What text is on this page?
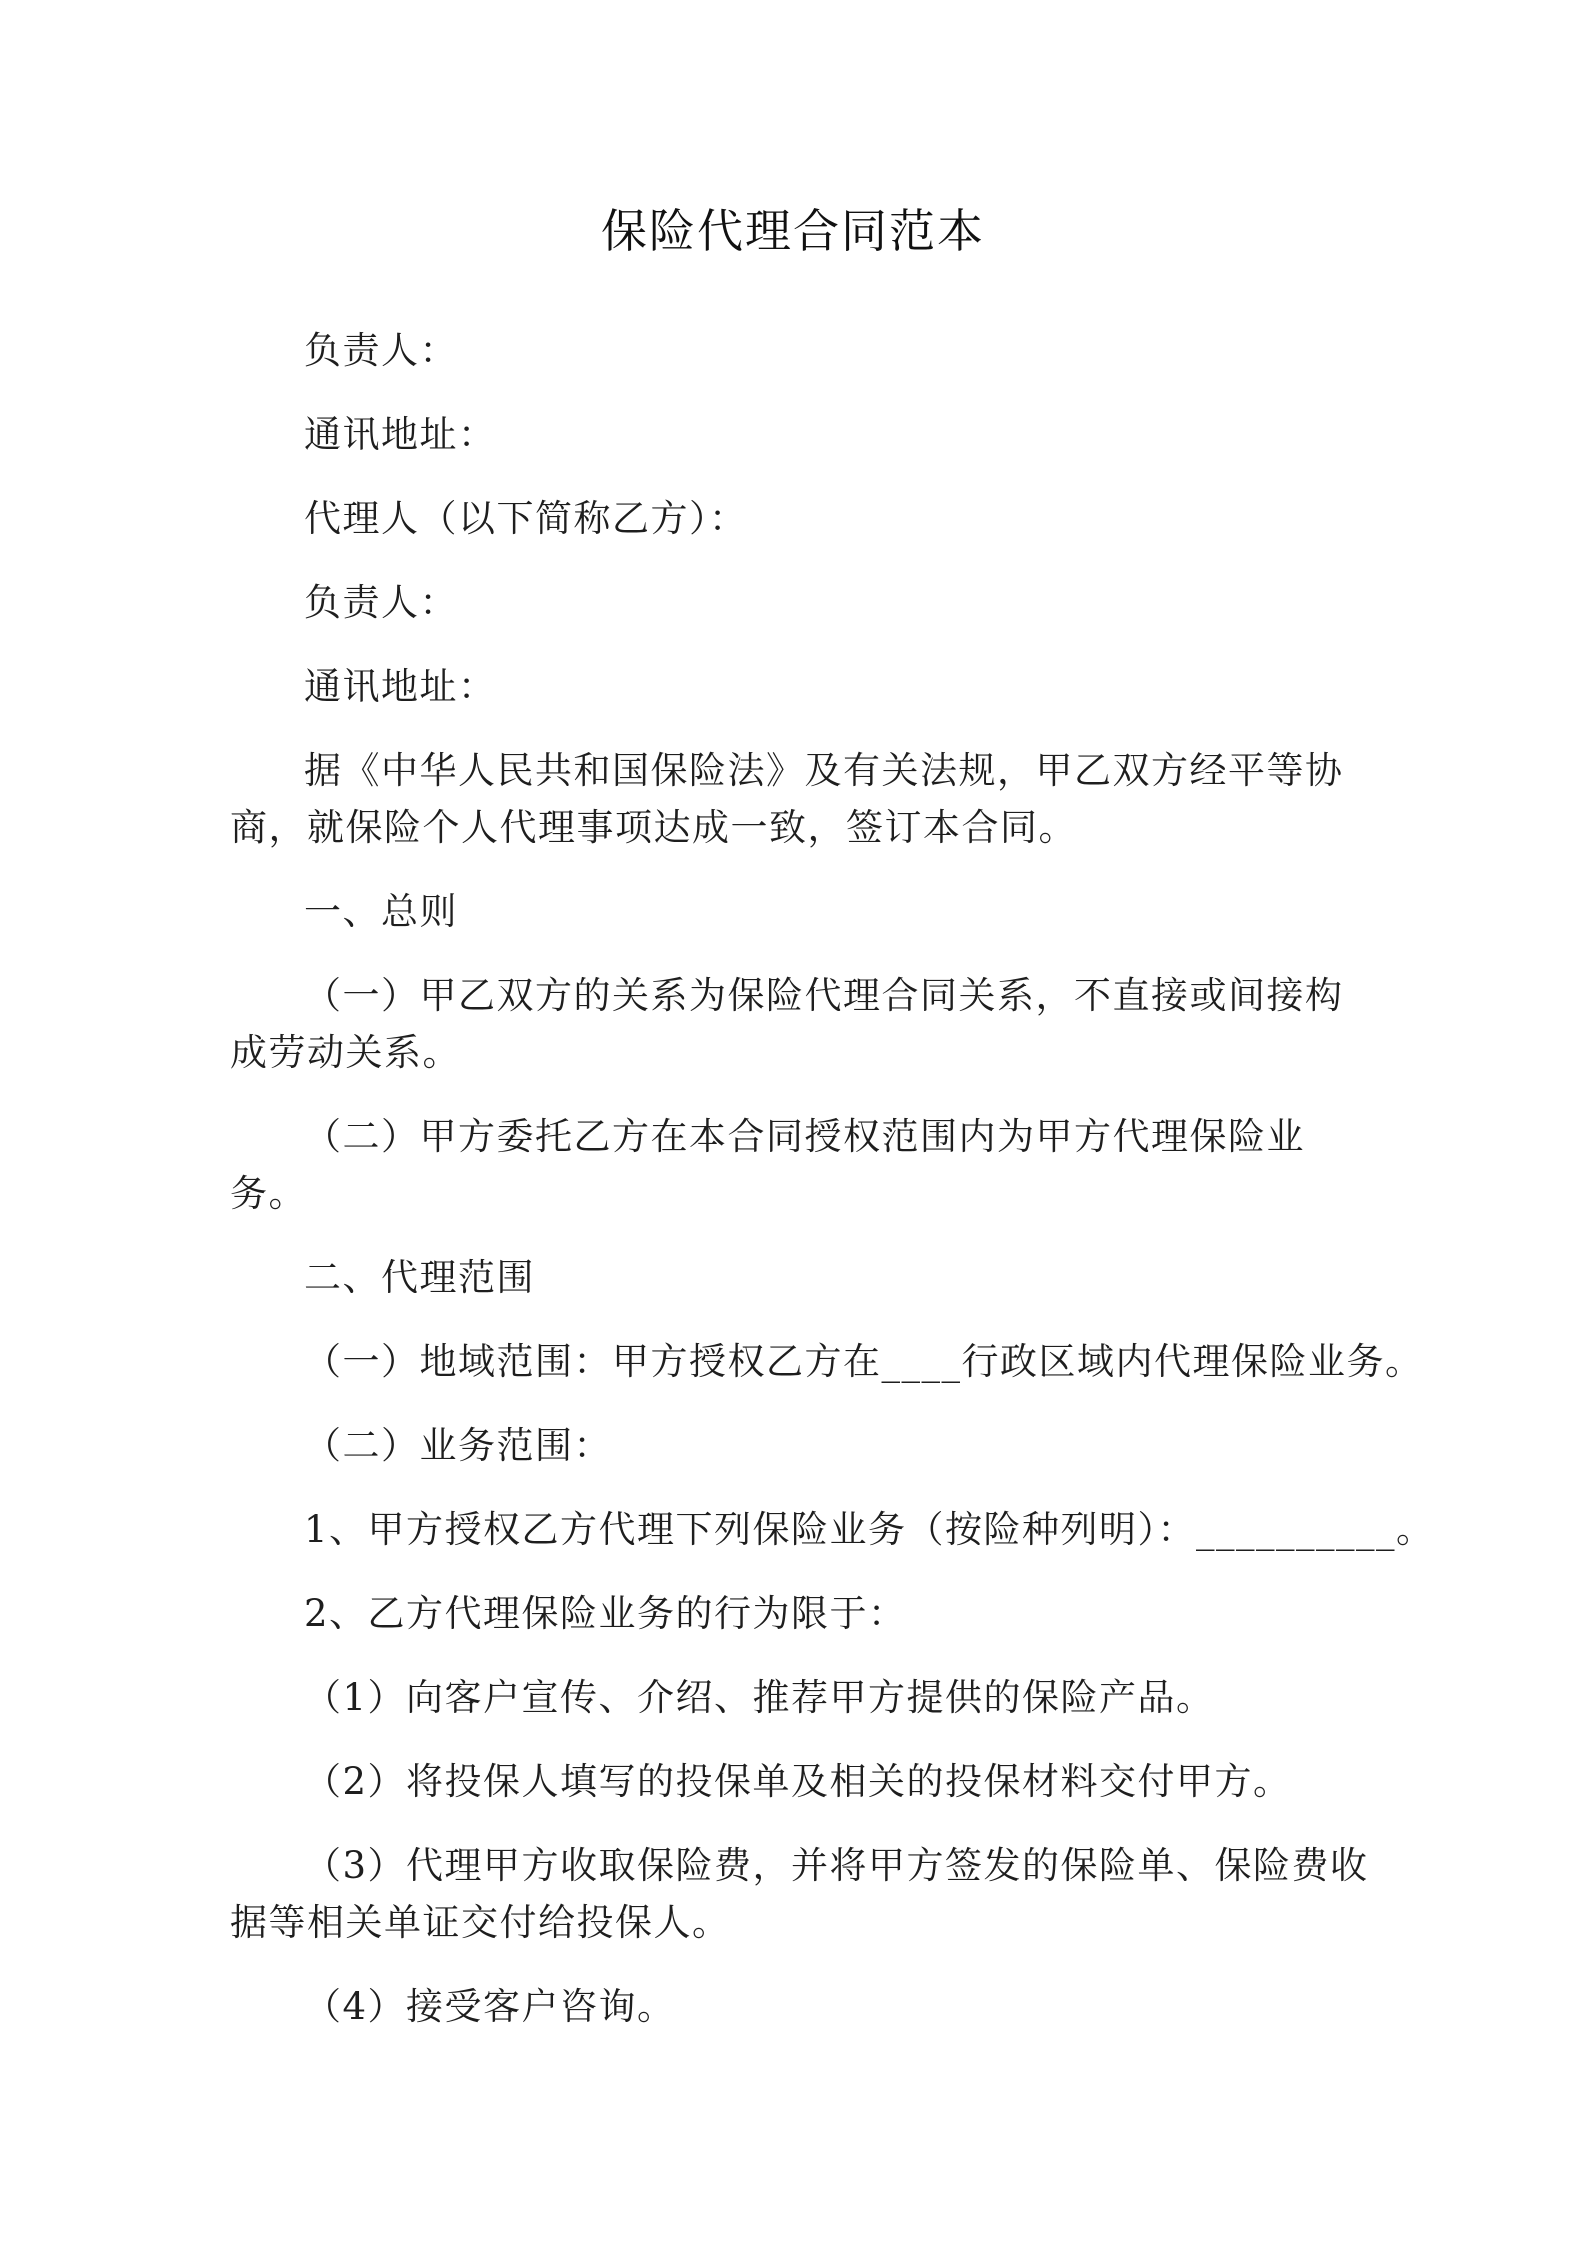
保险代理合同范本

负责人：

通讯地址：

代理人（以下简称乙方）：

负责人：

通讯地址：

据《中华人民共和国保险法》及有关法规，甲乙双方经平等协商，就保险个人代理事项达成一致，签订本合同。

一、总则

（一）甲乙双方的关系为保险代理合同关系，不直接或间接构成劳动关系。

（二）甲方委托乙方在本合同授权范围内为甲方代理保险业务。

二、代理范围

（一）地域范围：甲方授权乙方在____行政区域内代理保险业务。

（二）业务范围：

1、甲方授权乙方代理下列保险业务（按险种列明）：__________。

2、乙方代理保险业务的行为限于：

（1）向客户宣传、介绍、推荐甲方提供的保险产品。

（2）将投保人填写的投保单及相关的投保材料交付甲方。

（3）代理甲方收取保险费，并将甲方签发的保险单、保险费收据等相关单证交付给投保人。

（4）接受客户咨询。
